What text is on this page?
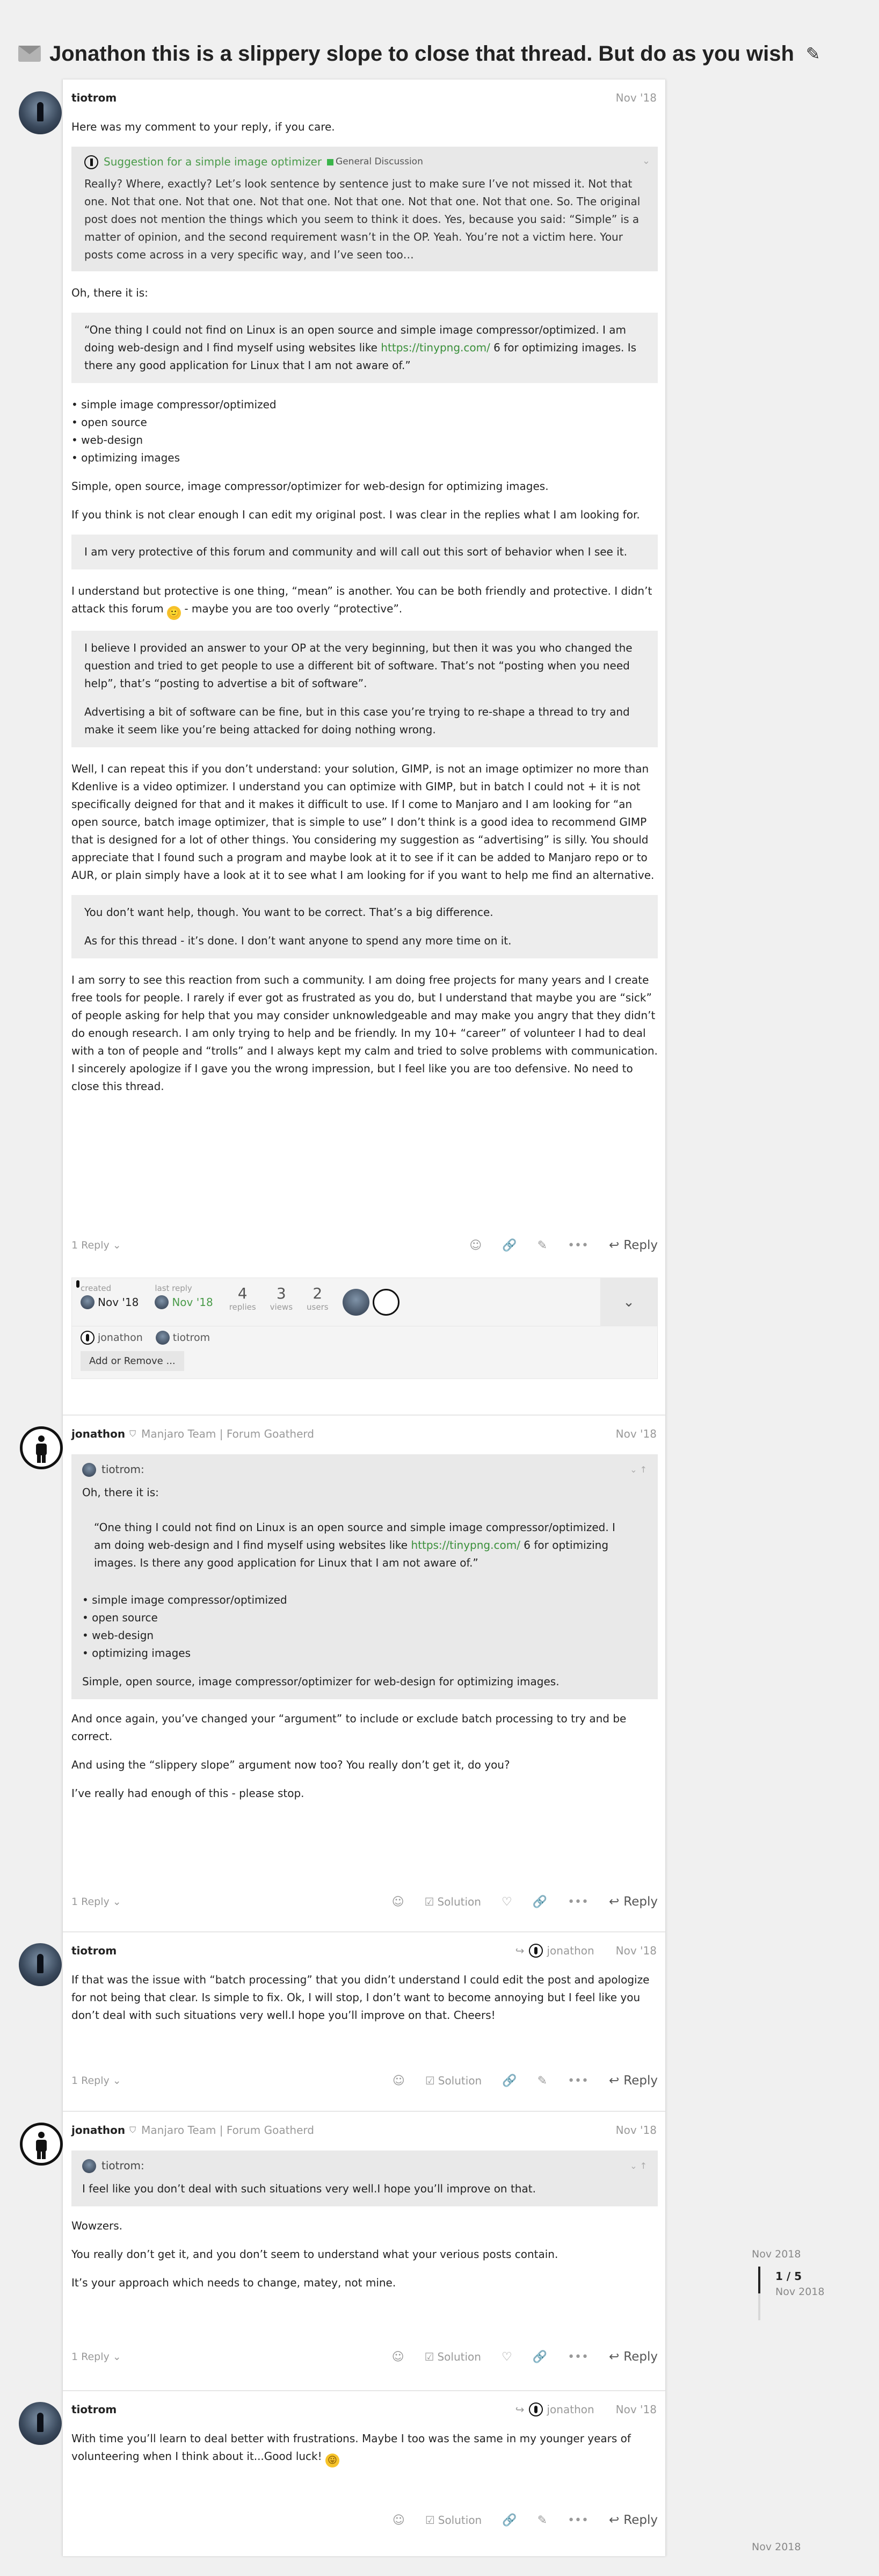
Jonathon this is a slippery slope to close that thread. But do as you wish ✎
tiotrom	Nov '18

Here was my comment to your reply, if you care.

⌄
Suggestion for a simple image optimizer General Discussion
Really? Where, exactly? Let’s look sentence by sentence just to make sure I’ve not missed it. Not that one. Not that one. Not that one. Not that one. Not that one. Not that one. Not that one. So. The original post does not mention the things which you seem to think it does. Yes, because you said: “Simple” is a matter of opinion, and the second requirement wasn’t in the OP. Yeah. You’re not a victim here. Your posts come across in a very specific way, and I’ve seen too…

Oh, there it is:

“One thing I could not find on Linux is an open source and simple image compressor/optimized. I am doing web-design and I find myself using websites like https://tinypng.com/ 6 for optimizing images. Is there any good application for Linux that I am not aware of.”
• simple image compressor/optimized
• open source
• web-design
• optimizing images

Simple, open source, image compressor/optimizer for web-design for optimizing images.

If you think is not clear enough I can edit my original post. I was clear in the replies what I am looking for.

I am very protective of this forum and community and will call out this sort of behavior when I see it.

I understand but protective is one thing, “mean” is another. You can be both friendly and protective. I didn’t attack this forum 🙂 - maybe you are too overly “protective”.

I believe I provided an answer to your OP at the very beginning, but then it was you who changed the question and tried to get people to use a different bit of software. That’s not “posting when you need help”, that’s “posting to advertise a bit of software”.

Advertising a bit of software can be fine, but in this case you’re trying to re-shape a thread to try and make it seem like you’re being attacked for doing nothing wrong.

Well, I can repeat this if you don’t understand: your solution, GIMP, is not an image optimizer no more than Kdenlive is a video optimizer. I understand you can optimize with GIMP, but in batch I could not + it is not specifically deigned for that and it makes it difficult to use. If I come to Manjaro and I am looking for “an open source, batch image optimizer, that is simple to use” I don’t think is a good idea to recommend GIMP that is designed for a lot of other things. You considering my suggestion as “advertising” is silly. You should appreciate that I found such a program and maybe look at it to see if it can be added to Manjaro repo or to AUR, or plain simply have a look at it to see what I am looking for if you want to help me find an alternative.

You don’t want help, though. You want to be correct. That’s a big difference.

As for this thread - it’s done. I don’t want anyone to spend any more time on it.

I am sorry to see this reaction from such a community. I am doing free projects for many years and I create free tools for people. I rarely if ever got as frustrated as you do, but I understand that maybe you are “sick” of people asking for help that you may consider unknowledgeable and may make you angry that they didn’t do enough research. I am only trying to help and be friendly. In my 10+ “career” of volunteer I had to deal with a ton of people and “trolls” and I always kept my calm and tried to solve problems with communication. I sincerely apologize if I gave you the wrong impression, but I feel like you are too defensive. No need to close this thread.

1 Reply ⌄	☺ 🔗 ✎ ••• ↩ Reply
created
Nov '18
last reply
Nov '18	4
replies
3
views
2
users	⌄
jonathon	tiotrom
Add or Remove ...
jonathon ⛉ Manjaro Team | Forum Goatherd	Nov '18
tiotrom:	⌄ ↑

Oh, there it is:

“One thing I could not find on Linux is an open source and simple image compressor/optimized. I am doing web-design and I find myself using websites like https://tinypng.com/ 6 for optimizing images. Is there any good application for Linux that I am not aware of.”
• simple image compressor/optimized
• open source
• web-design
• optimizing images

Simple, open source, image compressor/optimizer for web-design for optimizing images.

And once again, you’ve changed your “argument” to include or exclude batch processing to try and be correct.

And using the “slippery slope” argument now too? You really don’t get it, do you?

I’ve really had enough of this - please stop.

1 Reply ⌄	☺ ☑ Solution ♡ 🔗 ••• ↩ Reply
tiotrom	↪ jonathon Nov '18

If that was the issue with “batch processing” that you didn’t understand I could edit the post and apologize for not being that clear. Is simple to fix. Ok, I will stop, I don’t want to become annoying but I feel like you don’t deal with such situations very well.I hope you’ll improve on that. Cheers!

1 Reply ⌄	☺ ☑ Solution 🔗 ✎ ••• ↩ Reply
jonathon ⛉ Manjaro Team | Forum Goatherd	Nov '18
tiotrom:	⌄ ↑

I feel like you don’t deal with such situations very well.I hope you’ll improve on that.

Wowzers.

You really don’t get it, and you don’t seem to understand what your verious posts contain.

It’s your approach which needs to change, matey, not mine.

1 Reply ⌄	☺ ☑ Solution ♡ 🔗 ••• ↩ Reply
tiotrom	↪ jonathon Nov '18

With time you’ll learn to deal better with frustrations. Maybe I too was the same in my younger years of volunteering when I think about it...Good luck! 😛

☺ ☑ Solution 🔗 ✎ ••• ↩ Reply
Nov 2018
1 / 5
Nov 2018
Nov 2018
